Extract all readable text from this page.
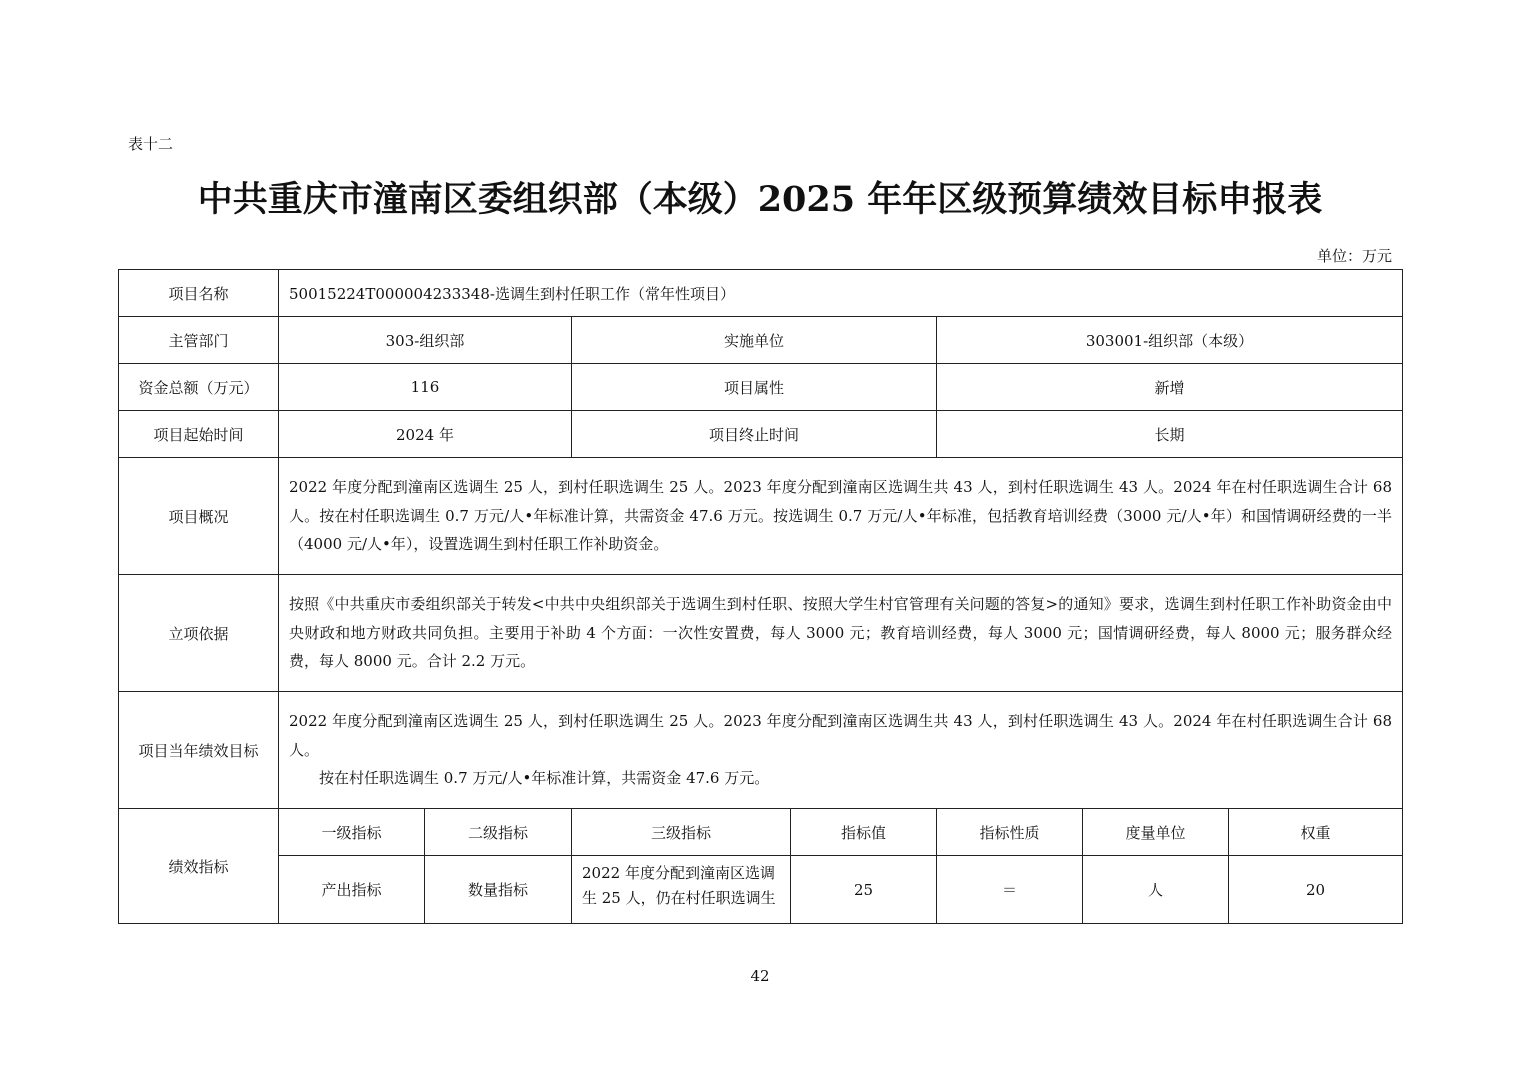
表十二
中共重庆市潼南区委组织部（本级）2025 年年区级预算绩效目标申报表
单位：万元
项目名称	50015224T000004233348-选调生到村任职工作（常年性项目）						
主管部门	303-组织部		实施单位		303001-组织部（本级）		
资金总额（万元）	116		项目属性		新增		
项目起始时间	2024 年		项目终止时间		长期		
项目概况	2022 年度分配到潼南区选调生 25 人，到村任职选调生 25 人。2023 年度分配到潼南区选调生共 43 人，到村任职选调生 43 人。2024 年在村任职选调生合计 68 人。按在村任职选调生 0.7 万元/人•年标准计算，共需资金 47.6 万元。按选调生 0.7 万元/人•年标准，包括教育培训经费（3000 元/人•年）和国情调研经费的一半（4000 元/人•年），设置选调生到村任职工作补助资金。						
立项依据	按照《中共重庆市委组织部关于转发<中共中央组织部关于选调生到村任职、按照大学生村官管理有关问题的答复>的通知》要求，选调生到村任职工作补助资金由中央财政和地方财政共同负担。主要用于补助 4 个方面：一次性安置费，每人 3000 元；教育培训经费，每人 3000 元；国情调研经费，每人 8000 元；服务群众经费，每人 8000 元。合计 2.2 万元。						
项目当年绩效目标	2022 年度分配到潼南区选调生 25 人，到村任职选调生 25 人。2023 年度分配到潼南区选调生共 43 人，到村任职选调生 43 人。2024 年在村任职选调生合计 68 人。
按在村任职选调生 0.7 万元/人•年标准计算，共需资金 47.6 万元。						

绩效指标	一级指标	二级指标	三级指标	指标值	指标性质	度量单位	权重
	产出指标	数量指标	2022 年度分配到潼南区选调生 25 人，仍在村任职选调生	25	＝	人	20
42
